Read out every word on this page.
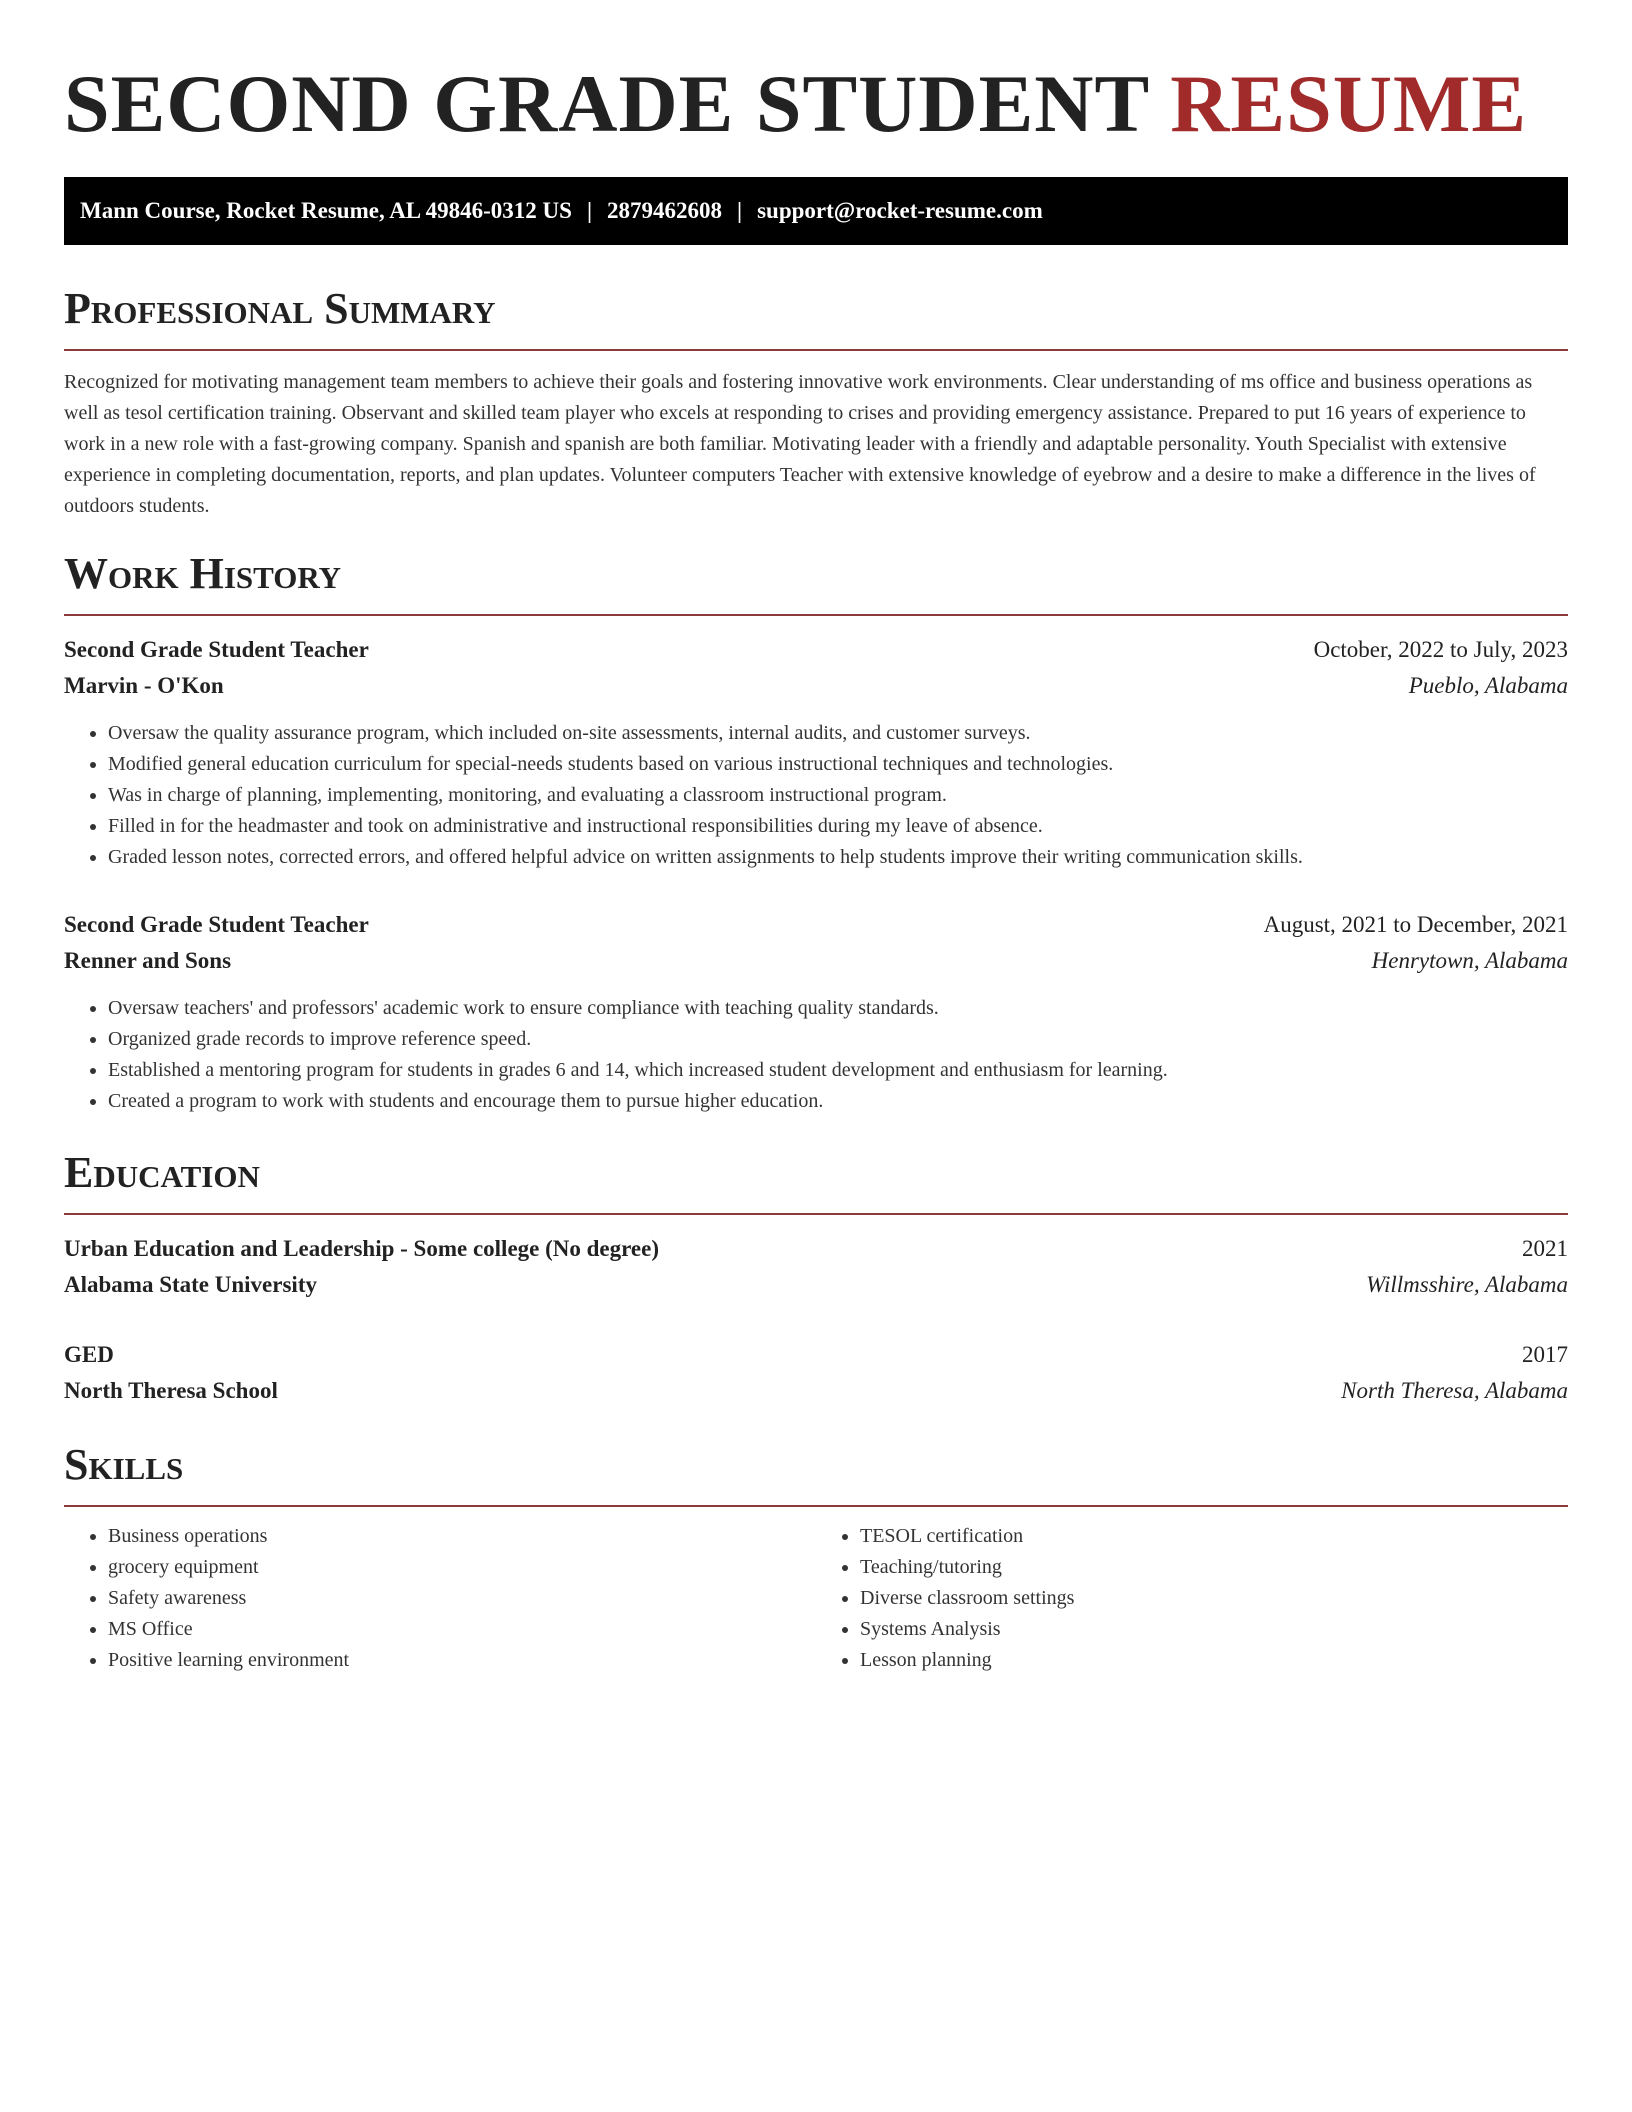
SECOND GRADE STUDENT RESUME
Mann Course, Rocket Resume, AL 49846-0312 US | 2879462608 | support@rocket-resume.com
Professional Summary

Recognized for motivating management team members to achieve their goals and fostering innovative work environments. Clear understanding of ms office and business operations as well as tesol certification training. Observant and skilled team player who excels at responding to crises and providing emergency assistance. Prepared to put 16 years of experience to work in a new role with a fast-growing company. Spanish and spanish are both familiar. Motivating leader with a friendly and adaptable personality. Youth Specialist with extensive experience in completing documentation, reports, and plan updates. Volunteer computers Teacher with extensive knowledge of eyebrow and a desire to make a difference in the lives of outdoors students.

Work History
Second Grade Student Teacher	October, 2022 to July, 2023
Marvin - O'Kon	Pueblo, Alabama
• Oversaw the quality assurance program, which included on-site assessments, internal audits, and customer surveys.
• Modified general education curriculum for special-needs students based on various instructional techniques and technologies.
• Was in charge of planning, implementing, monitoring, and evaluating a classroom instructional program.
• Filled in for the headmaster and took on administrative and instructional responsibilities during my leave of absence.
• Graded lesson notes, corrected errors, and offered helpful advice on written assignments to help students improve their writing communication skills.
Second Grade Student Teacher	August, 2021 to December, 2021
Renner and Sons	Henrytown, Alabama
• Oversaw teachers' and professors' academic work to ensure compliance with teaching quality standards.
• Organized grade records to improve reference speed.
• Established a mentoring program for students in grades 6 and 14, which increased student development and enthusiasm for learning.
• Created a program to work with students and encourage them to pursue higher education.
Education
Urban Education and Leadership - Some college (No degree)	2021
Alabama State University	Willmsshire, Alabama
GED	2017
North Theresa School	North Theresa, Alabama
Skills
• Business operations
• grocery equipment
• Safety awareness
• MS Office
• Positive learning environment
• TESOL certification
• Teaching/tutoring
• Diverse classroom settings
• Systems Analysis
• Lesson planning
